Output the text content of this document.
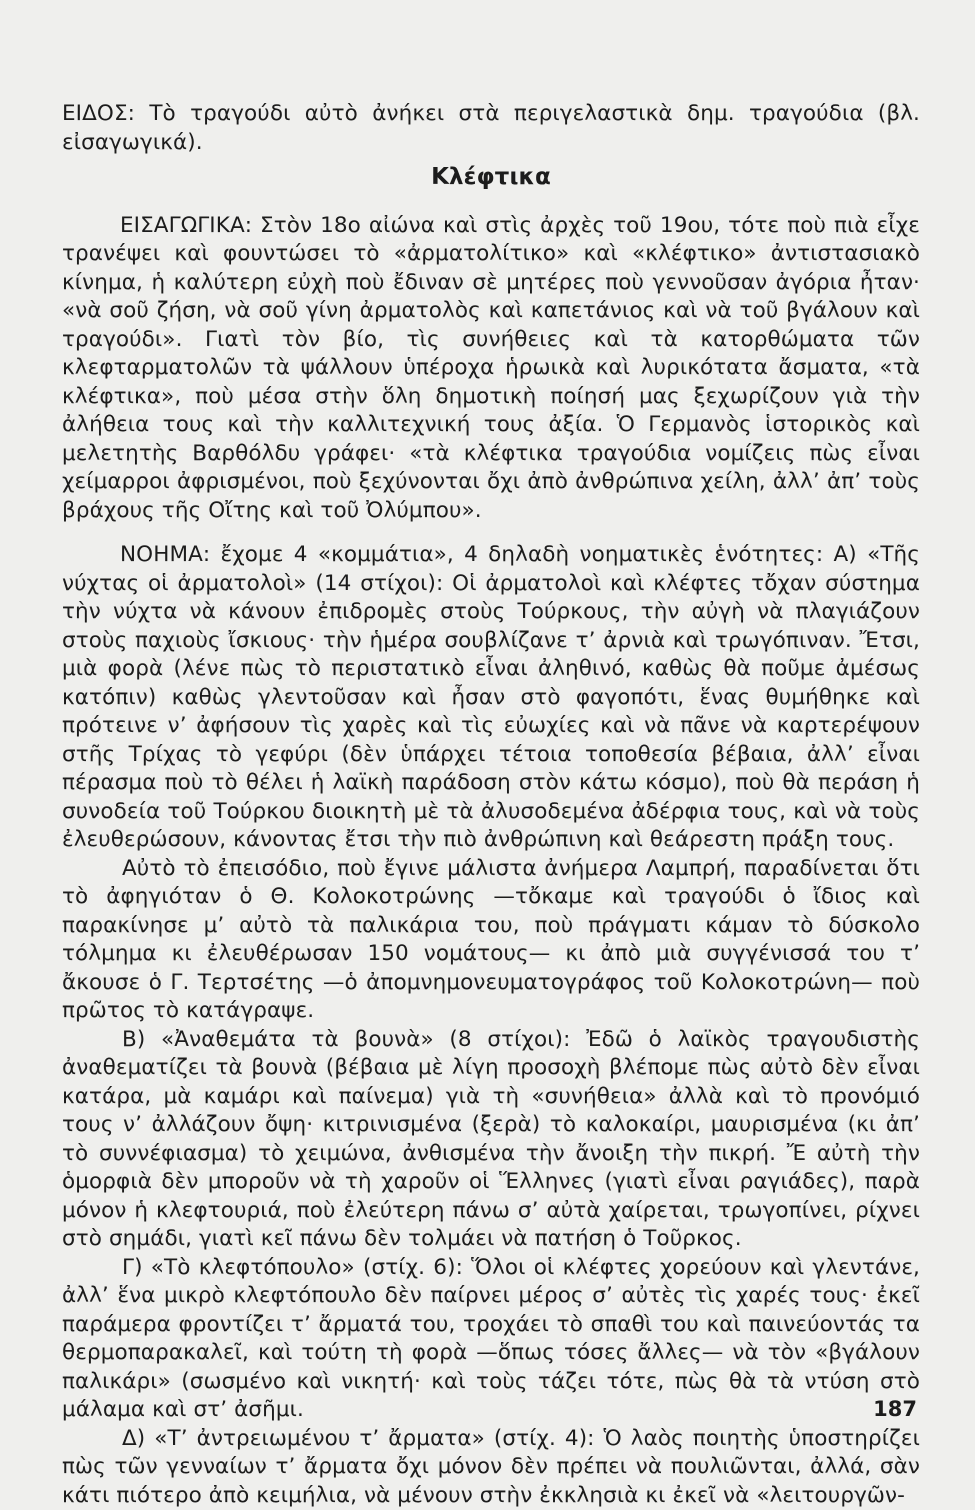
ΕΙΔΟΣ: Τὸ τραγούδι αὐτὸ ἀνήκει στὰ περιγελαστικὰ δημ. τραγούδια (βλ. εἰσαγωγικά).

Κλέφτικα

ΕΙΣΑΓΩΓΙΚΑ: Στὸν 18ο αἰώνα καὶ στὶς ἀρχὲς τοῦ 19ου, τότε ποὺ πιὰ εἶχε τρανέψει καὶ φουντώσει τὸ «ἀρματολίτικο» καὶ «κλέφτικο» ἀντιστασιακὸ κίνημα, ἡ καλύτερη εὐχὴ ποὺ ἔδιναν σὲ μητέρες ποὺ γεννοῦσαν ἀγόρια ἦταν· «νὰ σοῦ ζήση, νὰ σοῦ γίνη ἀρματολὸς καὶ καπετάνιος καὶ νὰ τοῦ βγάλουν καὶ τραγούδι». Γιατὶ τὸν βίο, τὶς συνήθειες καὶ τὰ κατορθώματα τῶν κλεφταρματολῶν τὰ ψάλλουν ὑπέροχα ἡρωικὰ καὶ λυρικότατα ἄσματα, «τὰ κλέφτικα», ποὺ μέσα στὴν ὅλη δημοτικὴ ποίησή μας ξεχωρίζουν γιὰ τὴν ἀλήθεια τους καὶ τὴν καλλιτεχνική τους ἀξία. Ὁ Γερμανὸς ἱστορικὸς καὶ μελετητὴς Βαρθόλδυ γράφει· «τὰ κλέφτικα τραγούδια νομίζεις πὼς εἶναι χείμαρροι ἀφρισμένοι, ποὺ ξεχύνονται ὄχι ἀπὸ ἀνθρώπινα χείλη, ἀλλ’ ἀπ’ τοὺς βράχους τῆς Οἴτης καὶ τοῦ Ὀλύμπου».

ΝΟΗΜΑ: ἔχομε 4 «κομμάτια», 4 δηλαδὴ νοηματικὲς ἑνότητες: Α) «Τῆς νύχτας οἱ ἀρματολοὶ» (14 στίχοι): Οἱ ἀρματολοὶ καὶ κλέφτες τὄχαν σύστημα τὴν νύχτα νὰ κάνουν ἐπιδρομὲς στοὺς Τούρκους, τὴν αὐγὴ νὰ πλαγιάζουν στοὺς παχιοὺς ἴσκιους· τὴν ἡμέρα σουβλίζανε τ’ ἀρνιὰ καὶ τρωγόπιναν. Ἔτσι, μιὰ φορὰ (λένε πὼς τὸ περιστατικὸ εἶναι ἀληθινό, καθὼς θὰ ποῦμε ἀμέσως κατόπιν) καθὼς γλεντοῦσαν καὶ ἦσαν στὸ φαγοπότι, ἕνας θυμήθηκε καὶ πρότεινε ν’ ἀφήσουν τὶς χαρὲς καὶ τὶς εὐωχίες καὶ νὰ πᾶνε νὰ καρτερέψουν στῆς Τρίχας τὸ γεφύρι (δὲν ὑπάρχει τέτοια τοποθεσία βέβαια, ἀλλ’ εἶναι πέρασμα ποὺ τὸ θέλει ἡ λαϊκὴ παράδοση στὸν κάτω κόσμο), ποὺ θὰ περάση ἡ συνοδεία τοῦ Τούρκου διοικητὴ μὲ τὰ ἀλυσοδεμένα ἀδέρφια τους, καὶ νὰ τοὺς ἐλευθερώσουν, κάνοντας ἔτσι τὴν πιὸ ἀνθρώπινη καὶ θεάρεστη πράξη τους.

Αὐτὸ τὸ ἐπεισόδιο, ποὺ ἔγινε μάλιστα ἀνήμερα Λαμπρή, παραδίνεται ὅτι τὸ ἀφηγιόταν ὁ Θ. Κολοκοτρώνης —τὄκαμε καὶ τραγούδι ὁ ἴδιος καὶ παρακίνησε μ’ αὐτὸ τὰ παλικάρια του, ποὺ πράγματι κάμαν τὸ δύσκολο τόλμημα κι ἐλευθέρωσαν 150 νομάτους— κι ἀπὸ μιὰ συγγένισσά του τ’ ἄκουσε ὁ Γ. Τερτσέτης —ὁ ἀπομνημονευματογράφος τοῦ Κολοκοτρώνη— ποὺ πρῶτος τὸ κατάγραψε.

Β) «Ἀναθεμάτα τὰ βουνὰ» (8 στίχοι): Ἐδῶ ὁ λαϊκὸς τραγουδιστὴς ἀναθεματίζει τὰ βουνὰ (βέβαια μὲ λίγη προσοχὴ βλέπομε πὼς αὐτὸ δὲν εἶναι κατάρα, μὰ καμάρι καὶ παίνεμα) γιὰ τὴ «συνήθεια» ἀλλὰ καὶ τὸ προνόμιό τους ν’ ἀλλάζουν ὄψη· κιτρινισμένα (ξερὰ) τὸ καλοκαίρι, μαυρισμένα (κι ἀπ’ τὸ συννέφιασμα) τὸ χειμώνα, ἀνθισμένα τὴν ἄνοιξη τὴν πικρή. Ἔ αὐτὴ τὴν ὁμορφιὰ δὲν μποροῦν νὰ τὴ χαροῦν οἱ Ἕλληνες (γιατὶ εἶναι ραγιάδες), παρὰ μόνον ἡ κλεφτουριά, ποὺ ἐλεύτερη πάνω σ’ αὐτὰ χαίρεται, τρωγοπίνει, ρίχνει στὸ σημάδι, γιατὶ κεῖ πάνω δὲν τολμάει νὰ πατήση ὁ Τοῦρκος.

Γ) «Τὸ κλεφτόπουλο» (στίχ. 6): Ὅλοι οἱ κλέφτες χορεύουν καὶ γλεντάνε, ἀλλ’ ἕνα μικρὸ κλεφτόπουλο δὲν παίρνει μέρος σ’ αὐτὲς τὶς χαρές τους· ἐκεῖ παράμερα φροντίζει τ’ ἄρματά του, τροχάει τὸ σπαθὶ του καὶ παινεύοντάς τα θερμοπαρακαλεῖ, καὶ τούτη τὴ φορὰ —ὅπως τόσες ἄλλες— νὰ τὸν «βγάλουν παλικάρι» (σωσμένο καὶ νικητή· καὶ τοὺς τάζει τότε, πὼς θὰ τὰ ντύση στὸ μάλαμα καὶ στ’ ἀσῆμι.

Δ) «Τ’ ἀντρειωμένου τ’ ἄρματα» (στίχ. 4): Ὁ λαὸς ποιητὴς ὑποστηρίζει πὼς τῶν γενναίων τ’ ἄρματα ὄχι μόνον δὲν πρέπει νὰ πουλιῶνται, ἀλλά, σὰν κάτι πιότερο ἀπὸ κειμήλια, νὰ μένουν στὴν ἐκκλησιὰ κι ἐκεῖ νὰ «λειτουργῶν-

187
